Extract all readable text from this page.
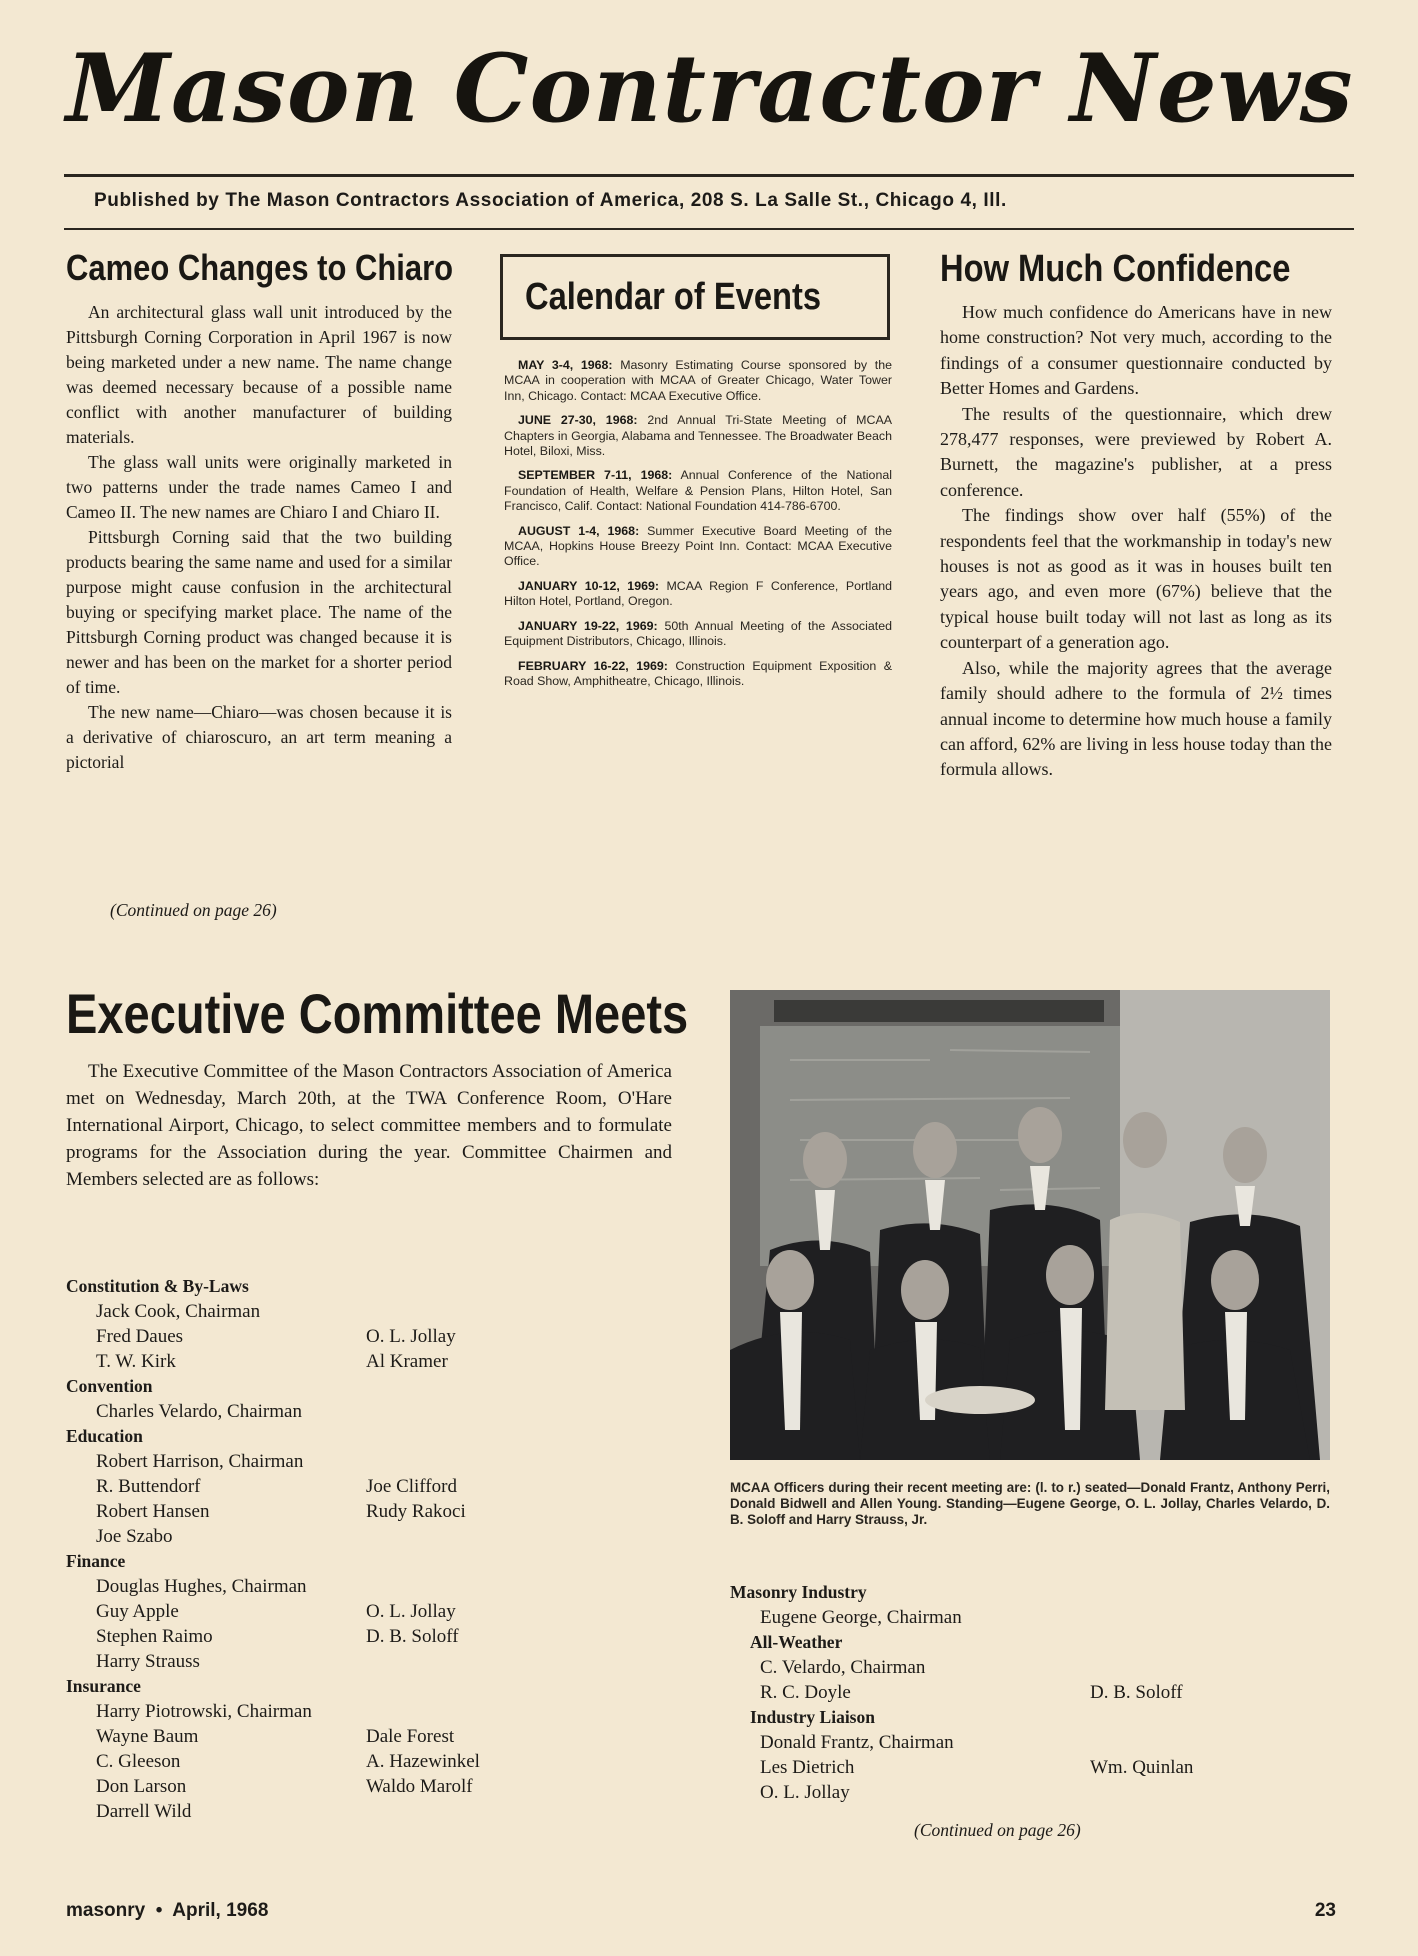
Mason Contractor News
Published by The Mason Contractors Association of America, 208 S. La Salle St., Chicago 4, Ill.
Cameo Changes to Chiaro

An architectural glass wall unit introduced by the Pittsburgh Corning Corporation in April 1967 is now being marketed under a new name. The name change was deemed necessary because of a possible name conflict with another manufacturer of building materials.

The glass wall units were originally marketed in two patterns under the trade names Cameo I and Cameo II. The new names are Chiaro I and Chiaro II.

Pittsburgh Corning said that the two building products bearing the same name and used for a similar purpose might cause confusion in the architectural buying or specifying market place. The name of the Pittsburgh Corning product was changed because it is newer and has been on the market for a shorter period of time.

The new name—Chiaro—was chosen because it is a derivative of chiaroscuro, an art term meaning a pictorial

(Continued on page 26)
Calendar of Events

MAY 3-4, 1968: Masonry Estimating Course sponsored by the MCAA in cooperation with MCAA of Greater Chicago, Water Tower Inn, Chicago. Contact: MCAA Executive Office.

JUNE 27-30, 1968: 2nd Annual Tri-State Meeting of MCAA Chapters in Georgia, Alabama and Tennessee. The Broadwater Beach Hotel, Biloxi, Miss.

SEPTEMBER 7-11, 1968: Annual Conference of the National Foundation of Health, Welfare & Pension Plans, Hilton Hotel, San Francisco, Calif. Contact: National Foundation 414-786-6700.

AUGUST 1-4, 1968: Summer Executive Board Meeting of the MCAA, Hopkins House Breezy Point Inn. Contact: MCAA Executive Office.

JANUARY 10-12, 1969: MCAA Region F Conference, Portland Hilton Hotel, Portland, Oregon.

JANUARY 19-22, 1969: 50th Annual Meeting of the Associated Equipment Distributors, Chicago, Illinois.

FEBRUARY 16-22, 1969: Construction Equipment Exposition & Road Show, Amphitheatre, Chicago, Illinois.

How Much Confidence

How much confidence do Americans have in new home construction? Not very much, according to the findings of a consumer questionnaire conducted by Better Homes and Gardens.

The results of the questionnaire, which drew 278,477 responses, were previewed by Robert A. Burnett, the magazine's publisher, at a press conference.

The findings show over half (55%) of the respondents feel that the workmanship in today's new houses is not as good as it was in houses built ten years ago, and even more (67%) believe that the typical house built today will not last as long as its counterpart of a generation ago.

Also, while the majority agrees that the average family should adhere to the formula of 2½ times annual income to determine how much house a family can afford, 62% are living in less house today than the formula allows.

Executive Committee Meets

The Executive Committee of the Mason Contractors Association of America met on Wednesday, March 20th, at the TWA Conference Room, O'Hare International Airport, Chicago, to select committee members and to formulate programs for the Association during the year. Committee Chairmen and Members selected are as follows:

Constitution & By-Laws
Jack Cook, Chairman
Fred Daues	O. L. Jollay
T. W. Kirk	Al Kramer
Convention
Charles Velardo, Chairman
Education
Robert Harrison, Chairman
R. Buttendorf	Joe Clifford
Robert Hansen	Rudy Rakoci
Joe Szabo
Finance
Douglas Hughes, Chairman
Guy Apple	O. L. Jollay
Stephen Raimo	D. B. Soloff
Harry Strauss
Insurance
Harry Piotrowski, Chairman
Wayne Baum	Dale Forest
C. Gleeson	A. Hazewinkel
Don Larson	Waldo Marolf
Darrell Wild
MCAA Officers during their recent meeting are: (l. to r.) seated—Donald Frantz, Anthony Perri, Donald Bidwell and Allen Young. Standing—Eugene George, O. L. Jollay, Charles Velardo, D. B. Soloff and Harry Strauss, Jr.
Masonry Industry
Eugene George, Chairman
All-Weather
C. Velardo, Chairman
R. C. Doyle	D. B. Soloff
Industry Liaison
Donald Frantz, Chairman
Les Dietrich	Wm. Quinlan
O. L. Jollay
(Continued on page 26)
masonry • April, 1968	23
